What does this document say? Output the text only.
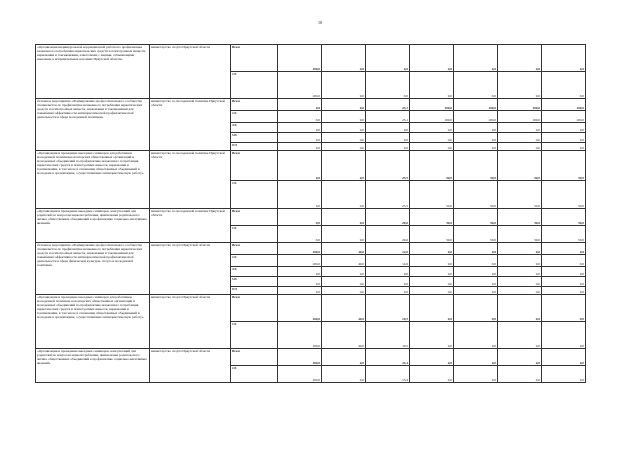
10
«Организация индивидуальной коррекционной работы по профилактике незаконного потребления наркотических средств и психотропных веществ, наркомании и токсикомании, алкоголизма с лицами, отбывающими наказание в исправительных колониях Иркутской области»	министерство спорта Иркутской области	Всего	100,0	0,0	0,0	0,0	0,0	0,0	0,0
		ОБ	100,0	0,0	0,0	0,0	0,0	0,0	0,0
Основное мероприятие «Формирование профессионального сообщества специалистов по профилактике незаконного потребления наркотических средств и психотропных веществ, наркомании и токсикомании для повышения эффективности антинаркотической профилактической деятельности в сфере молодежной политики»	министерство по молодежной политике Иркутской области	Всего	0,0	0,0	25,1	100,0	100,0	100,0	100,0
		ОБ	0,0	0,0	25,1	100,0	100,0	100,0	100,0
		ФБ	0,0	0,0	0,0	0,0	0,0	0,0	0,0
		МБ	0,0	0,0	0,0	0,0	0,0	0,0	0,0
		ИИ	0,0	0,0	0,0	0,0	0,0	0,0	0,0
«Организация и проведение выездных семинаров для работников молодежной политики,волонтерских общественных организаций и молодежных объединений по профилактике незаконного потребления наркотических средств и психотропных веществ, наркомании и токсикомании, в том числе в отношении общественных объединений и молодежи в организациях, осуществляющих антинаркотическую работу»	министерство по молодежной политике Иркутской области	Всего	0,0	0,0	25,5	50,0	50,0	50,0	50,0
		ОБ	0,0	0,0	25,5	50,0	50,0	50,0	50,0
«Организация и проведение выездных семинаров, консультаций для родителей по вопросам наркопотребления, привлечение родительского актива, общественных объединений к профилактике социально-негативных явлений»	министерство по молодежной политике Иркутской области	Всего	0,0	0,0	29,6	50,0	50,0	50,0	50,0
		ОБ	0,0	0,0	29,6	50,0	50,0	50,0	50,0
Основное мероприятие «Формирование профессионального сообщества специалистов по профилактике незаконного потребления наркотических средств и психотропных веществ, наркомании и токсикомании для повышения эффективности антинаркотической профилактической деятельности в сфере физической культуры, спорта и молодежной политики»	министерство спорта Иркутской области	Всего	100,0	40,0	14,9	0,0	0,0	0,0	0,0
		ОБ	100,0	40,0	14,9	0,0	0,0	0,0	0,0
		ФБ	0,0	0,0	0,0	0,0	0,0	0,0	0,0
		МБ	0,0	0,0	0,0	0,0	0,0	0,0	0,0
		ИИ	0,0	0,0	0,0	0,0	0,0	0,0	0,0
«Организация и проведение выездных семинаров для работников молодежной политики, волонтерских общественных организаций и молодежных объединений по профилактике незаконного потребления наркотических средств и психотропных веществ, наркомании и токсикомании, в том числе в отношении общественных объединений и молодежи в организациях, осуществляющих антинаркотическую работу»	министерство спорта Иркутской области	Всего	100,0	40,0	19,5	0,0	0,0	0,0	0,0
		ОБ	100,0	40,0	19,5	0,0	0,0	0,0	0,0
«Организация и проведение выездных семинаров, консультаций для родителей по вопросам наркопотребления, привлечение родительского актива, общественных объединений к профилактике социально-негативных явлений»	министерство спорта Иркутской области	Всего	100,0	0,0	13,4	0,0	0,0	0,0	0,0
		ОБ	100,0	0,0	13,4	0,0	0,0	0,0	0,0
